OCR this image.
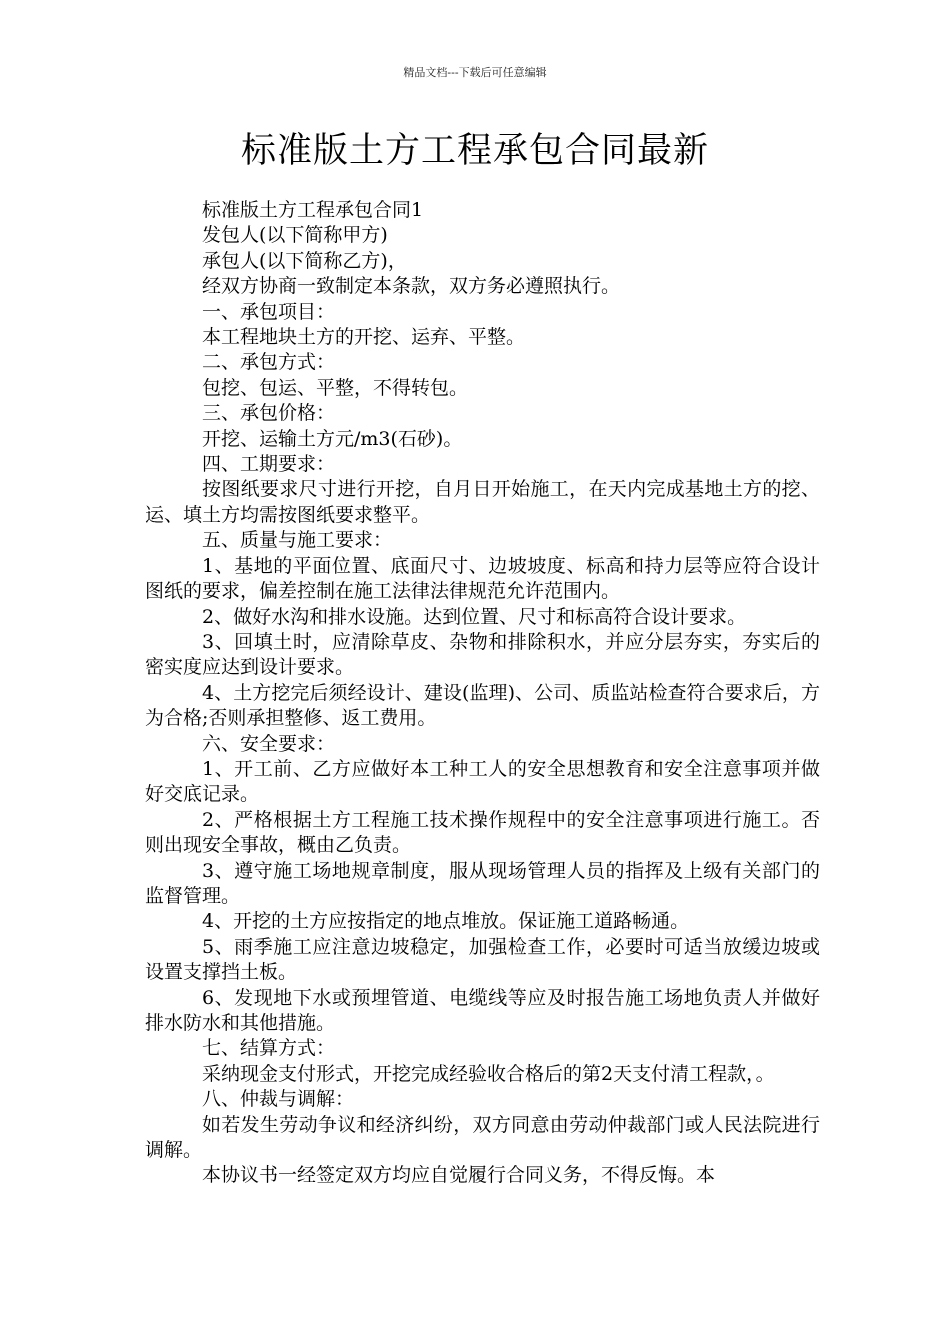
精品文档---下载后可任意编辑
标准版土方工程承包合同最新

标准版土方工程承包合同1

发包人(以下简称甲方)

承包人(以下简称乙方)，

经双方协商一致制定本条款，双方务必遵照执行。

一、承包项目：

本工程地块土方的开挖、运弃、平整。

二、承包方式：

包挖、包运、平整，不得转包。

三、承包价格：

开挖、运输土方元/m3(石砂)。

四、工期要求：

按图纸要求尺寸进行开挖，自月日开始施工，在天内完成基地土方的挖、运、填土方均需按图纸要求整平。

五、质量与施工要求：

1、基地的平面位置、底面尺寸、边坡坡度、标高和持力层等应符合设计图纸的要求，偏差控制在施工法律法律规范允许范围内。

2、做好水沟和排水设施。达到位置、尺寸和标高符合设计要求。

3、回填土时，应清除草皮、杂物和排除积水，并应分层夯实，夯实后的密实度应达到设计要求。

4、土方挖完后须经设计、建设(监理)、公司、质监站检查符合要求后，方为合格;否则承担整修、返工费用。

六、安全要求：

1、开工前、乙方应做好本工种工人的安全思想教育和安全注意事项并做好交底记录。

2、严格根据土方工程施工技术操作规程中的安全注意事项进行施工。否则出现安全事故，概由乙负责。

3、遵守施工场地规章制度，服从现场管理人员的指挥及上级有关部门的监督管理。

4、开挖的土方应按指定的地点堆放。保证施工道路畅通。

5、雨季施工应注意边坡稳定，加强检查工作，必要时可适当放缓边坡或设置支撑挡土板。

6、发现地下水或预埋管道、电缆线等应及时报告施工场地负责人并做好排水防水和其他措施。

七、结算方式：

采纳现金支付形式，开挖完成经验收合格后的第2天支付清工程款，。

八、仲裁与调解：

如若发生劳动争议和经济纠纷，双方同意由劳动仲裁部门或人民法院进行调解。

本协议书一经签定双方均应自觉履行合同义务，不得反悔。本
